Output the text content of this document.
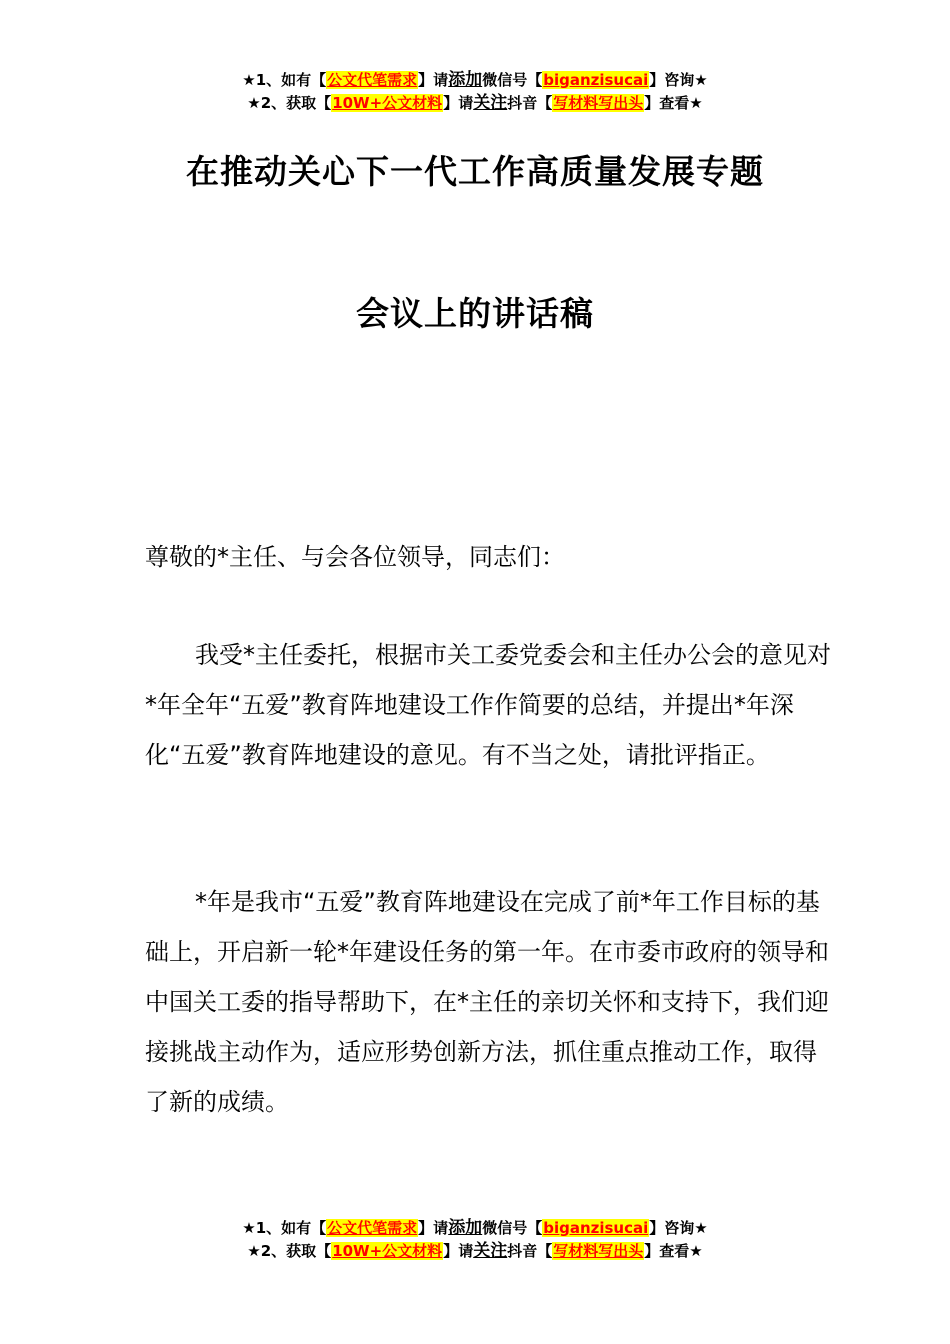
★1、如有【公文代笔需求】请添加微信号【biganzisucai】咨询★
★2、获取【10W+公文材料】请关注抖音【写材料写出头】查看★
在推动关心下一代工作高质量发展专题
会议上的讲话稿
尊敬的*主任、与会各位领导，同志们：

我受*主任委托，根据市关工委党委会和主任办公会的意见对*年全年“五爱”教育阵地建设工作作简要的总结，并提出*年深化“五爱”教育阵地建设的意见。有不当之处，请批评指正。

*年是我市“五爱”教育阵地建设在完成了前*年工作目标的基础上，开启新一轮*年建设任务的第一年。在市委市政府的领导和中国关工委的指导帮助下，在*主任的亲切关怀和支持下，我们迎接挑战主动作为，适应形势创新方法，抓住重点推动工作，取得了新的成绩。

★1、如有【公文代笔需求】请添加微信号【biganzisucai】咨询★
★2、获取【10W+公文材料】请关注抖音【写材料写出头】查看★
